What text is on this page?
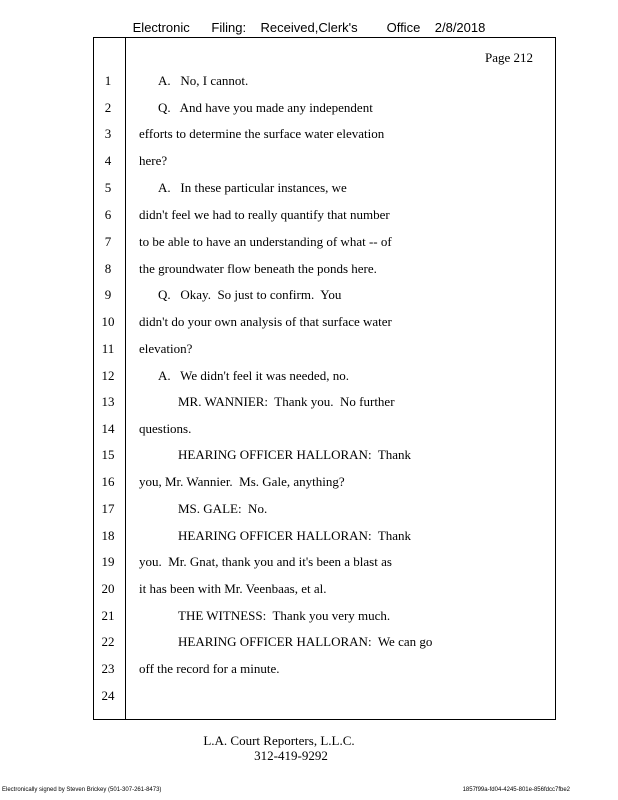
Electronic Filing: Received,Clerk's Office 2/8/2018
Page 212
1	A.   No, I cannot.
2	Q.   And have you made any independent
3	efforts to determine the surface water elevation
4	here?
5	A.   In these particular instances, we
6	didn't feel we had to really quantify that number
7	to be able to have an understanding of what -- of
8	the groundwater flow beneath the ponds here.
9	Q.   Okay.  So just to confirm.  You
10	didn't do your own analysis of that surface water
11	elevation?
12	A.   We didn't feel it was needed, no.
13	MR. WANNIER:  Thank you.  No further
14	questions.
15	HEARING OFFICER HALLORAN:  Thank
16	you, Mr. Wannier.  Ms. Gale, anything?
17	MS. GALE:  No.
18	HEARING OFFICER HALLORAN:  Thank
19	you.  Mr. Gnat, thank you and it's been a blast as
20	it has been with Mr. Veenbaas, et al.
21	THE WITNESS:  Thank you very much.
22	HEARING OFFICER HALLORAN:  We can go
23	off the record for a minute.
24
L.A. Court Reporters, L.L.C.
312-419-9292
Electronically signed by Steven Brickey (501-307-261-8473)	1857f99a-fd04-4245-801e-856fdcc7fbe2
